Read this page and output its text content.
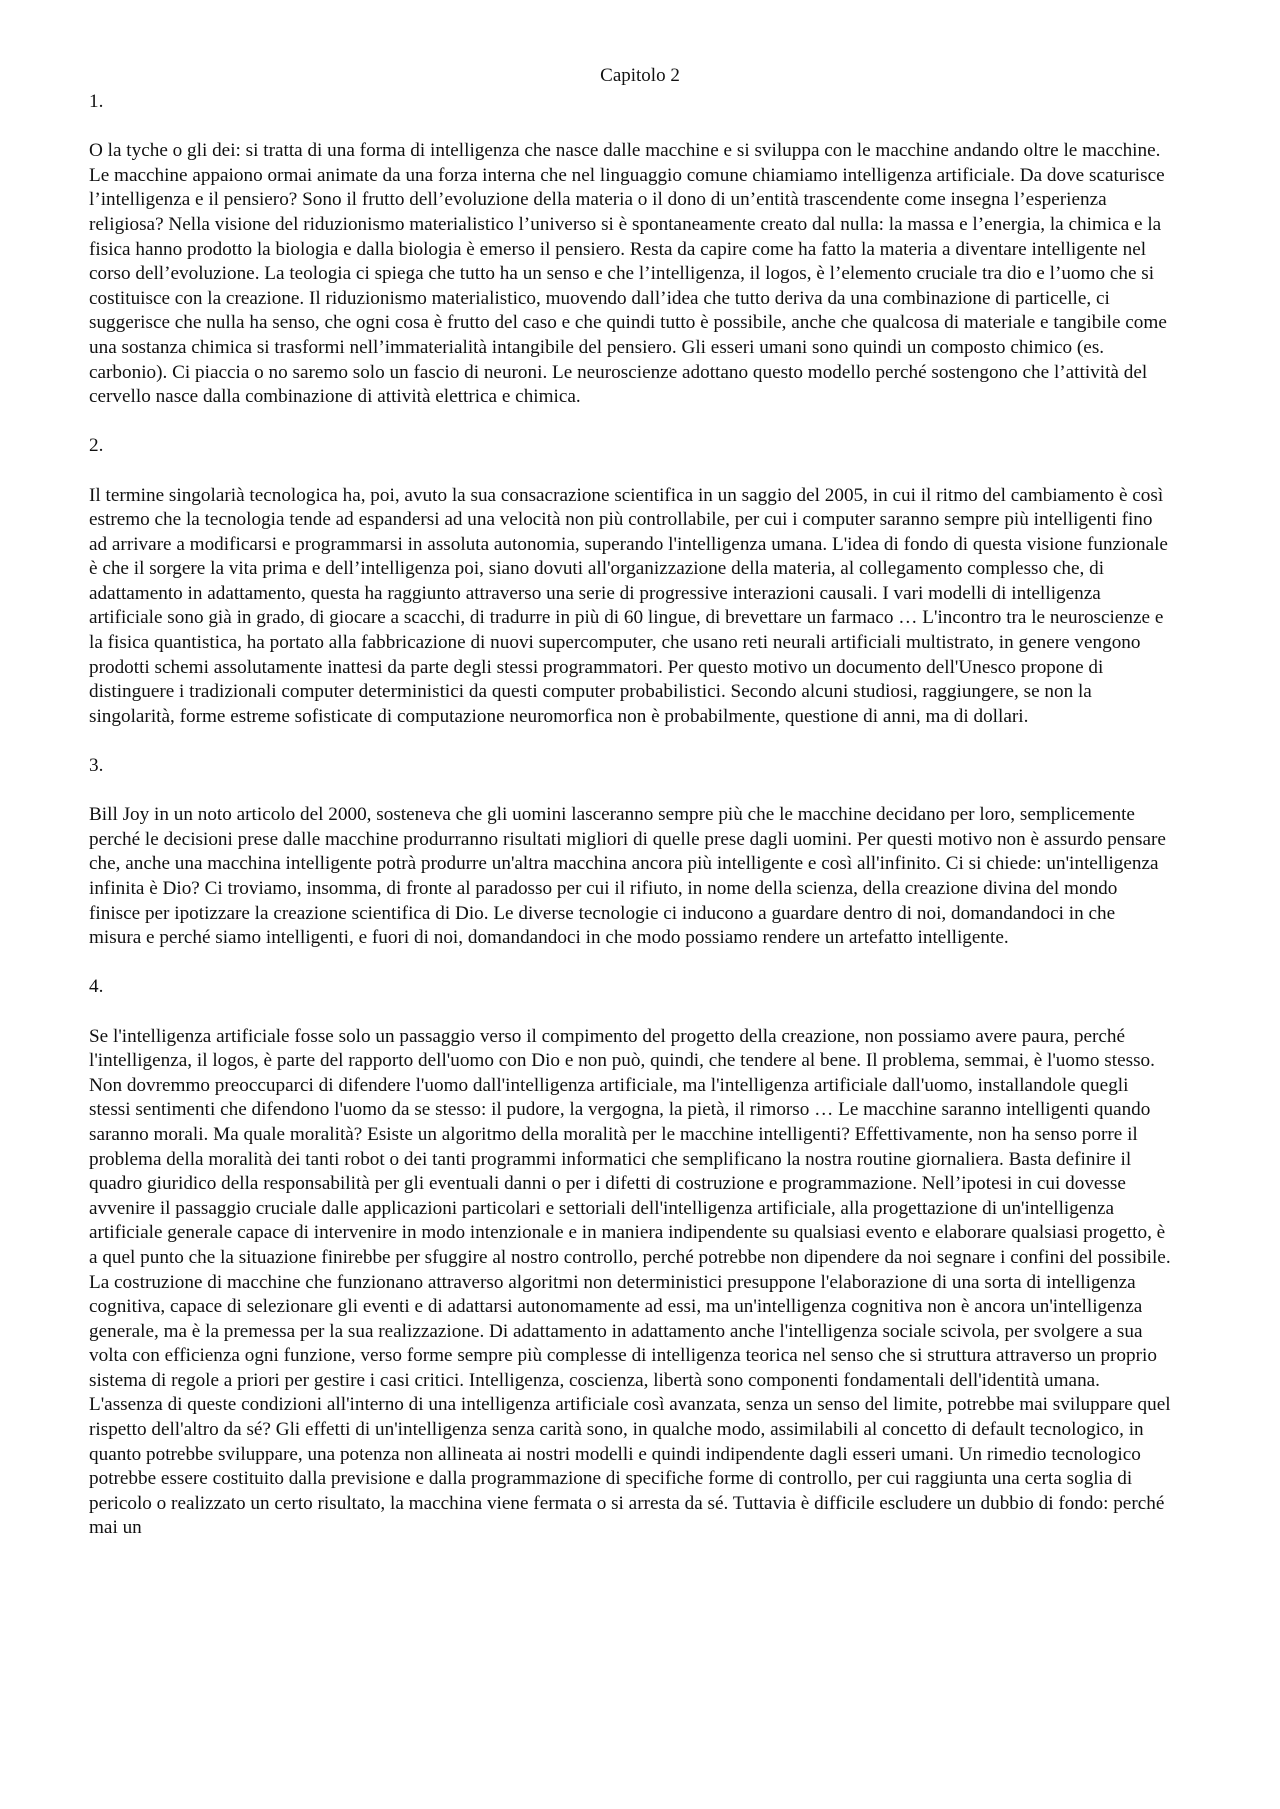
Capitolo 2

1.

O la tyche o gli dei: si tratta di una forma di intelligenza che nasce dalle macchine e si sviluppa con le macchine andando oltre le macchine. Le macchine appaiono ormai animate da una forza interna che nel linguaggio comune chiamiamo intelligenza artificiale. Da dove scaturisce l’intelligenza e il pensiero? Sono il frutto dell’evoluzione della materia o il dono di un’entità trascendente come insegna l’esperienza religiosa? Nella visione del riduzionismo materialistico l’universo si è spontaneamente creato dal nulla: la massa e l’energia, la chimica e la fisica hanno prodotto la biologia e dalla biologia è emerso il pensiero. Resta da capire come ha fatto la materia a diventare intelligente nel corso dell’evoluzione. La teologia ci spiega che tutto ha un senso e che l’intelligenza, il logos, è l’elemento cruciale tra dio e l’uomo che si costituisce con la creazione. Il riduzionismo materialistico, muovendo dall’idea che tutto deriva da una combinazione di particelle, ci suggerisce che nulla ha senso, che ogni cosa è frutto del caso e che quindi tutto è possibile, anche che qualcosa di materiale e tangibile come una sostanza chimica si trasformi nell’immaterialità intangibile del pensiero. Gli esseri umani sono quindi un composto chimico (es. carbonio). Ci piaccia o no saremo solo un fascio di neuroni. Le neuroscienze adottano questo modello perché sostengono che l’attività del cervello nasce dalla combinazione di attività elettrica e chimica.

2.

Il termine singolarià tecnologica ha, poi, avuto la sua consacrazione scientifica in un saggio del 2005, in cui il ritmo del cambiamento è così estremo che la tecnologia tende ad espandersi ad una velocità non più controllabile, per cui i computer saranno sempre più intelligenti fino ad arrivare a modificarsi e programmarsi in assoluta autonomia, superando l'intelligenza umana. L'idea di fondo di questa visione funzionale è che il sorgere la vita prima e dell’intelligenza poi, siano dovuti all'organizzazione della materia, al collegamento complesso che, di adattamento in adattamento, questa ha raggiunto attraverso una serie di progressive interazioni causali. I vari modelli di intelligenza artificiale sono già in grado, di giocare a scacchi, di tradurre in più di 60 lingue, di brevettare un farmaco … L'incontro tra le neuroscienze e la fisica quantistica, ha portato alla fabbricazione di nuovi supercomputer, che usano reti neurali artificiali multistrato, in genere vengono prodotti schemi assolutamente inattesi da parte degli stessi programmatori. Per questo motivo un documento dell'Unesco propone di distinguere i tradizionali computer deterministici da questi computer probabilistici. Secondo alcuni studiosi, raggiungere, se non la singolarità, forme estreme sofisticate di computazione neuromorfica non è probabilmente, questione di anni, ma di dollari.

3.

Bill Joy in un noto articolo del 2000, sosteneva che gli uomini lasceranno sempre più che le macchine decidano per loro, semplicemente perché le decisioni prese dalle macchine produrranno risultati migliori di quelle prese dagli uomini. Per questi motivo non è assurdo pensare che, anche una macchina intelligente potrà produrre un'altra macchina ancora più intelligente e così all'infinito. Ci si chiede: un'intelligenza infinita è Dio? Ci troviamo, insomma, di fronte al paradosso per cui il rifiuto, in nome della scienza, della creazione divina del mondo finisce per ipotizzare la creazione scientifica di Dio. Le diverse tecnologie ci inducono a guardare dentro di noi, domandandoci in che misura e perché siamo intelligenti, e fuori di noi, domandandoci in che modo possiamo rendere un artefatto intelligente.

4.

Se l'intelligenza artificiale fosse solo un passaggio verso il compimento del progetto della creazione, non possiamo avere paura, perché l'intelligenza, il logos, è parte del rapporto dell'uomo con Dio e non può, quindi, che tendere al bene. Il problema, semmai, è l'uomo stesso. Non dovremmo preoccuparci di difendere l'uomo dall'intelligenza artificiale, ma l'intelligenza artificiale dall'uomo, installandole quegli stessi sentimenti che difendono l'uomo da se stesso: il pudore, la vergogna, la pietà, il rimorso … Le macchine saranno intelligenti quando saranno morali. Ma quale moralità? Esiste un algoritmo della moralità per le macchine intelligenti? Effettivamente, non ha senso porre il problema della moralità dei tanti robot o dei tanti programmi informatici che semplificano la nostra routine giornaliera. Basta definire il quadro giuridico della responsabilità per gli eventuali danni o per i difetti di costruzione e programmazione. Nell’ipotesi in cui dovesse avvenire il passaggio cruciale dalle applicazioni particolari e settoriali dell'intelligenza artificiale, alla progettazione di un'intelligenza artificiale generale capace di intervenire in modo intenzionale e in maniera indipendente su qualsiasi evento e elaborare qualsiasi progetto, è a quel punto che la situazione finirebbe per sfuggire al nostro controllo, perché potrebbe non dipendere da noi segnare i confini del possibile. La costruzione di macchine che funzionano attraverso algoritmi non deterministici presuppone l'elaborazione di una sorta di intelligenza cognitiva, capace di selezionare gli eventi e di adattarsi autonomamente ad essi, ma un'intelligenza cognitiva non è ancora un'intelligenza generale, ma è la premessa per la sua realizzazione. Di adattamento in adattamento anche l'intelligenza sociale scivola, per svolgere a sua volta con efficienza ogni funzione, verso forme sempre più complesse di intelligenza teorica nel senso che si struttura attraverso un proprio sistema di regole a priori per gestire i casi critici. Intelligenza, coscienza, libertà sono componenti fondamentali dell'identità umana. L'assenza di queste condizioni all'interno di una intelligenza artificiale così avanzata, senza un senso del limite, potrebbe mai sviluppare quel rispetto dell'altro da sé? Gli effetti di un'intelligenza senza carità sono, in qualche modo, assimilabili al concetto di default tecnologico, in quanto potrebbe sviluppare, una potenza non allineata ai nostri modelli e quindi indipendente dagli esseri umani. Un rimedio tecnologico potrebbe essere costituito dalla previsione e dalla programmazione di specifiche forme di controllo, per cui raggiunta una certa soglia di pericolo o realizzato un certo risultato, la macchina viene fermata o si arresta da sé. Tuttavia è difficile escludere un dubbio di fondo: perché mai un
